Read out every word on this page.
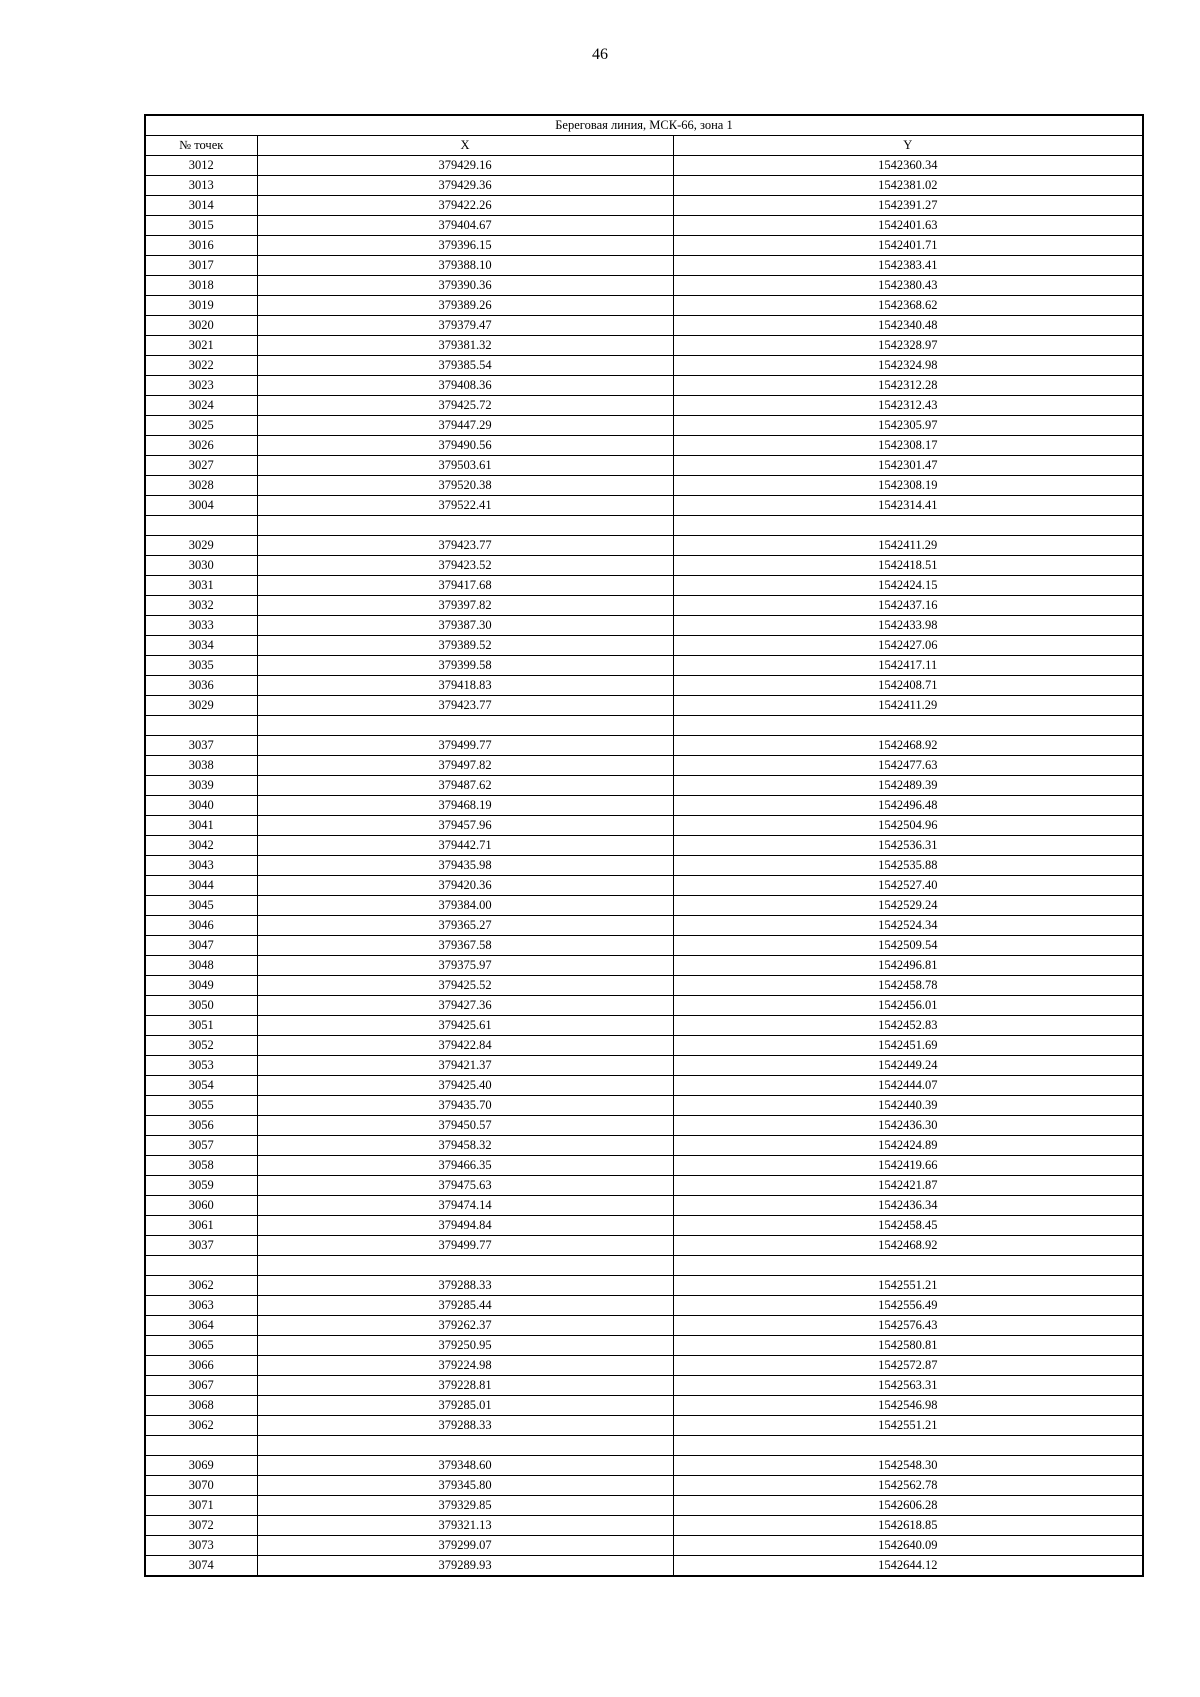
46
Береговая линия, МСК-66, зона 1		
№ точек	X	Y
3012	379429.16	1542360.34
3013	379429.36	1542381.02
3014	379422.26	1542391.27
3015	379404.67	1542401.63
3016	379396.15	1542401.71
3017	379388.10	1542383.41
3018	379390.36	1542380.43
3019	379389.26	1542368.62
3020	379379.47	1542340.48
3021	379381.32	1542328.97
3022	379385.54	1542324.98
3023	379408.36	1542312.28
3024	379425.72	1542312.43
3025	379447.29	1542305.97
3026	379490.56	1542308.17
3027	379503.61	1542301.47
3028	379520.38	1542308.19
3004	379522.41	1542314.41

3029	379423.77	1542411.29
3030	379423.52	1542418.51
3031	379417.68	1542424.15
3032	379397.82	1542437.16
3033	379387.30	1542433.98
3034	379389.52	1542427.06
3035	379399.58	1542417.11
3036	379418.83	1542408.71
3029	379423.77	1542411.29

3037	379499.77	1542468.92
3038	379497.82	1542477.63
3039	379487.62	1542489.39
3040	379468.19	1542496.48
3041	379457.96	1542504.96
3042	379442.71	1542536.31
3043	379435.98	1542535.88
3044	379420.36	1542527.40
3045	379384.00	1542529.24
3046	379365.27	1542524.34
3047	379367.58	1542509.54
3048	379375.97	1542496.81
3049	379425.52	1542458.78
3050	379427.36	1542456.01
3051	379425.61	1542452.83
3052	379422.84	1542451.69
3053	379421.37	1542449.24
3054	379425.40	1542444.07
3055	379435.70	1542440.39
3056	379450.57	1542436.30
3057	379458.32	1542424.89
3058	379466.35	1542419.66
3059	379475.63	1542421.87
3060	379474.14	1542436.34
3061	379494.84	1542458.45
3037	379499.77	1542468.92

3062	379288.33	1542551.21
3063	379285.44	1542556.49
3064	379262.37	1542576.43
3065	379250.95	1542580.81
3066	379224.98	1542572.87
3067	379228.81	1542563.31
3068	379285.01	1542546.98
3062	379288.33	1542551.21

3069	379348.60	1542548.30
3070	379345.80	1542562.78
3071	379329.85	1542606.28
3072	379321.13	1542618.85
3073	379299.07	1542640.09
3074	379289.93	1542644.12
